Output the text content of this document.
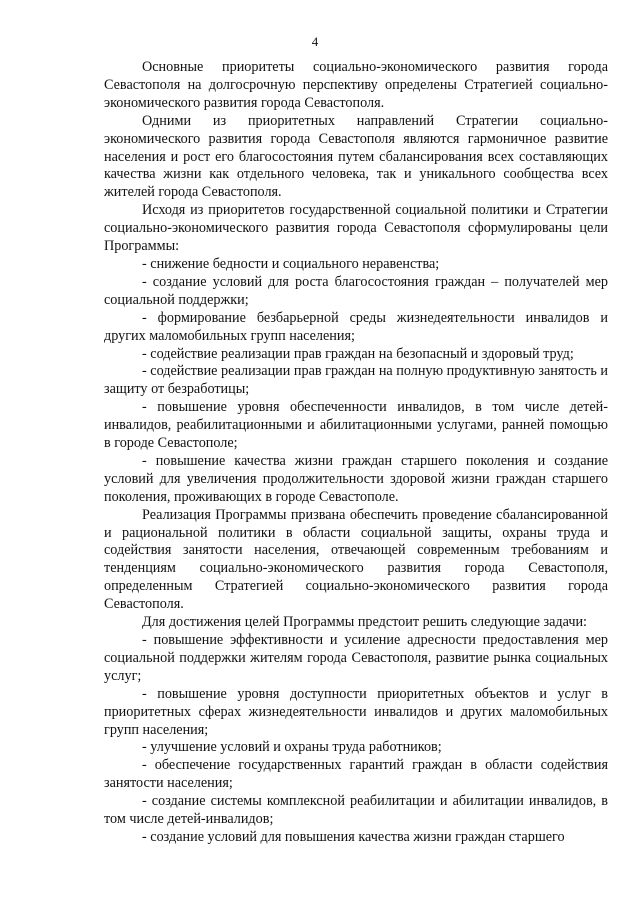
4

Основные приоритеты социально-экономического развития города Севастополя на долгосрочную перспективу определены Стратегией социально-экономического развития города Севастополя.

Одними из приоритетных направлений Стратегии социально-экономического развития города Севастополя являются гармоничное развитие населения и рост его благосостояния путем сбалансирования всех составляющих качества жизни как отдельного человека, так и уникального сообщества всех жителей города Севастополя.

Исходя из приоритетов государственной социальной политики и Стратегии социально-экономического развития города Севастополя сформулированы цели Программы:

- снижение бедности и социального неравенства;

- создание условий для роста благосостояния граждан – получателей мер социальной поддержки;

- формирование безбарьерной среды жизнедеятельности инвалидов и других маломобильных групп населения;

- содействие реализации прав граждан на безопасный и здоровый труд;

- содействие реализации прав граждан на полную продуктивную занятость и защиту от безработицы;

- повышение уровня обеспеченности инвалидов, в том числе детей-инвалидов, реабилитационными и абилитационными услугами, ранней помощью в городе Севастополе;

- повышение качества жизни граждан старшего поколения и создание условий для увеличения продолжительности здоровой жизни граждан старшего поколения, проживающих в городе Севастополе.

Реализация Программы призвана обеспечить проведение сбалансированной и рациональной политики в области социальной защиты, охраны труда и содействия занятости населения, отвечающей современным требованиям и тенденциям социально-экономического развития города Севастополя, определенным Стратегией социально-экономического развития города Севастополя.

Для достижения целей Программы предстоит решить следующие задачи:

- повышение эффективности и усиление адресности предоставления мер социальной поддержки жителям города Севастополя, развитие рынка социальных услуг;

- повышение уровня доступности приоритетных объектов и услуг в приоритетных сферах жизнедеятельности инвалидов и других маломобильных групп населения;

- улучшение условий и охраны труда работников;

- обеспечение государственных гарантий граждан в области содействия занятости населения;

- создание системы комплексной реабилитации и абилитации инвалидов, в том числе детей-инвалидов;

- создание условий для повышения качества жизни граждан старшего
